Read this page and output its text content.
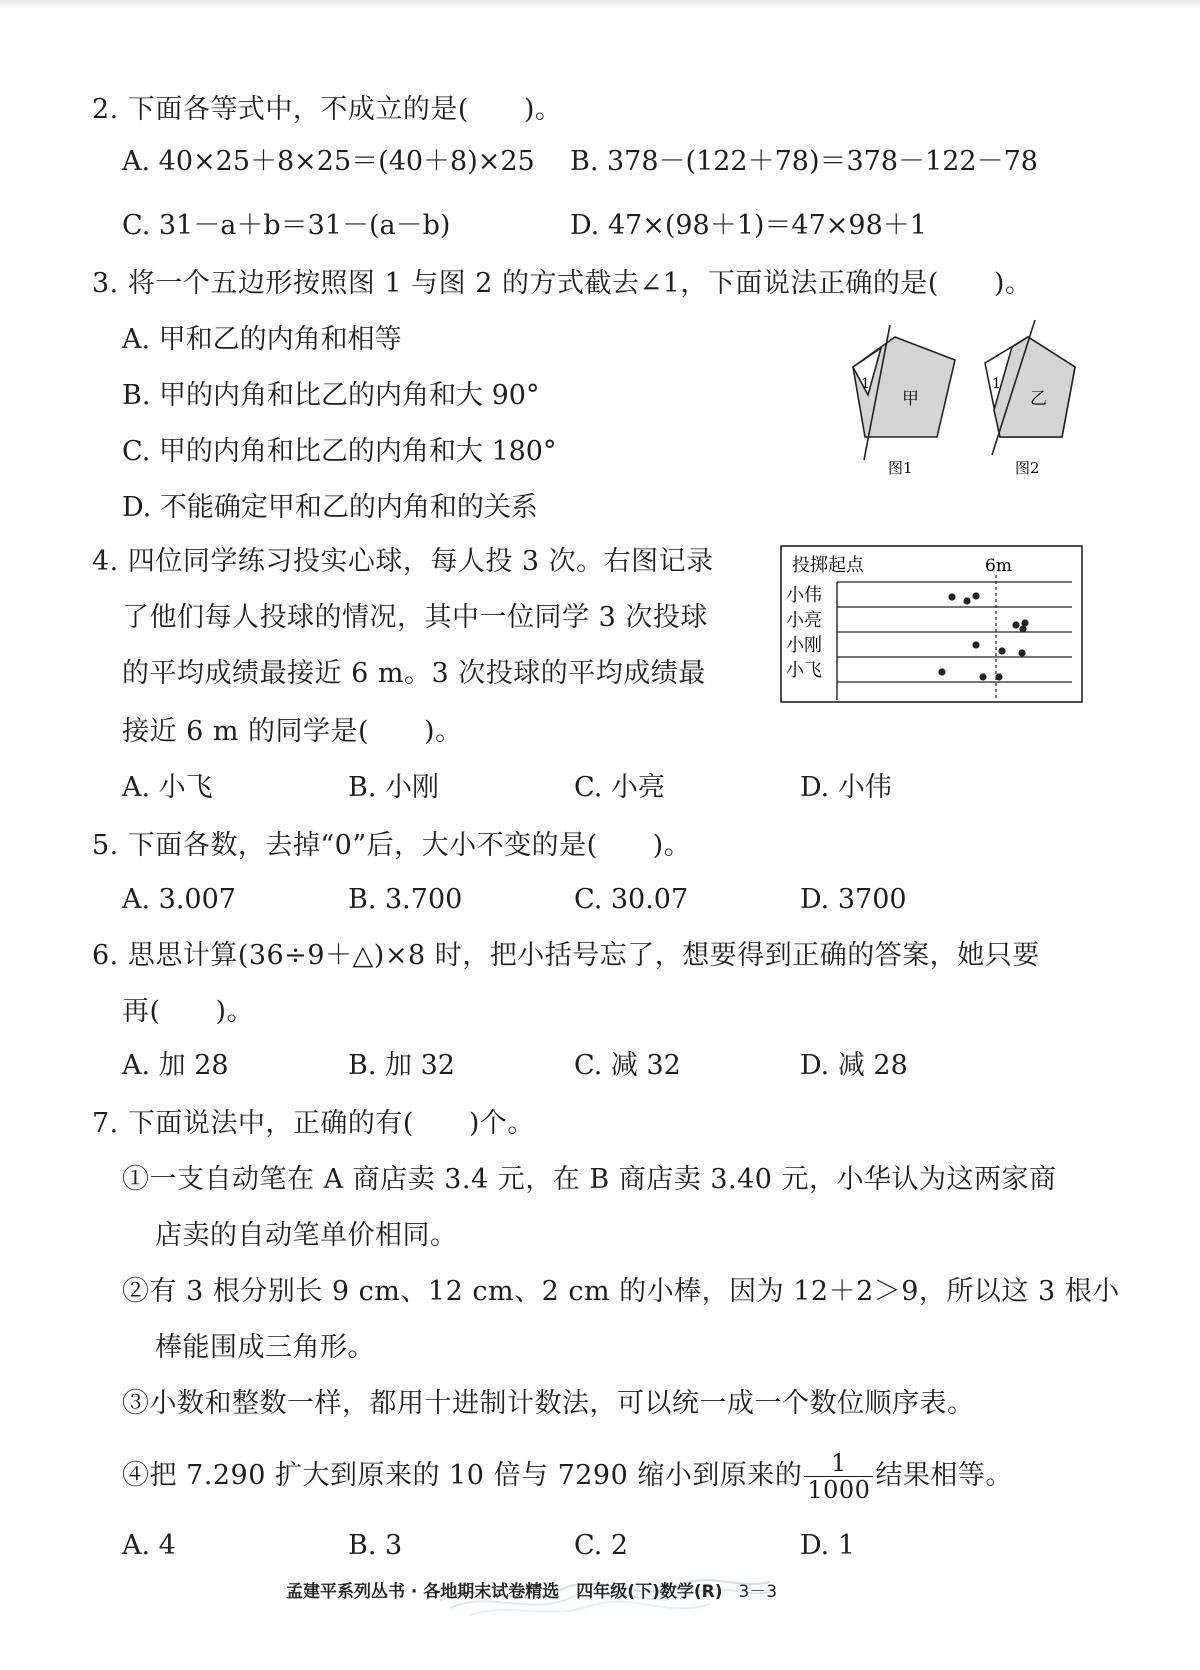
2. 下面各等式中，不成立的是(　　)。
A. 40×25＋8×25＝(40＋8)×25 B. 378－(122＋78)＝378－122－78
C. 31－a＋b＝31－(a－b)	D. 47×(98＋1)＝47×98＋1
3. 将一个五边形按照图 1 与图 2 的方式截去∠1，下面说法正确的是(　　)。
A. 甲和乙的内角和相等
B. 甲的内角和比乙的内角和大 90°
C. 甲的内角和比乙的内角和大 180°
D. 不能确定甲和乙的内角和的关系
1
甲
图1
1
乙
图2
4. 四位同学练习投实心球，每人投 3 次。右图记录
了他们每人投球的情况，其中一位同学 3 次投球
的平均成绩最接近 6 m。3 次投球的平均成绩最
接近 6 m 的同学是(　　)。
投掷起点	6m
小伟
小亮
小刚
小飞
A. 小飞	B. 小刚	C. 小亮	D. 小伟
5. 下面各数，去掉“0”后，大小不变的是(　　)。
A. 3.007	B. 3.700	C. 30.07	D. 3700
6. 思思计算(36÷9＋△)×8 时，把小括号忘了，想要得到正确的答案，她只要
再(　　)。
A. 加 28	B. 加 32	C. 减 32	D. 减 28
7. 下面说法中，正确的有(　　)个。
①一支自动笔在 A 商店卖 3.4 元，在 B 商店卖 3.40 元，小华认为这两家商
店卖的自动笔单价相同。
②有 3 根分别长 9 cm、12 cm、2 cm 的小棒，因为 12＋2＞9，所以这 3 根小
棒能围成三角形。
③小数和整数一样，都用十进制计数法，可以统一成一个数位顺序表。
④把 7.290 扩大到原来的 10 倍与 7290 缩小到原来的 $\frac{1}{1000}$ 结果相等。
A. 4	B. 3	C. 2	D. 1
孟建平系列丛书 · 各地期末试卷精选　四年级(下)数学(R) 3－3
